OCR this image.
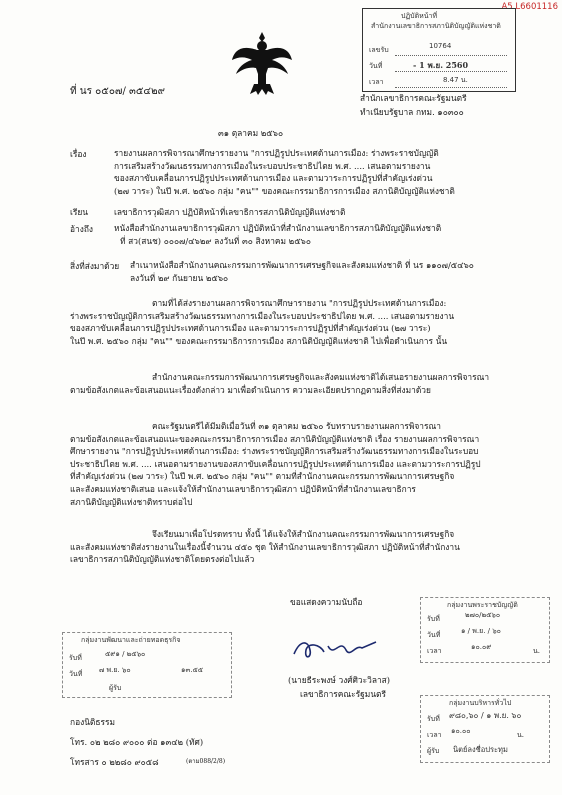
A5 L6601116
ปฏิบัติหน้าที่
สำนักงานเลขาธิการสภานิติบัญญัติแห่งชาติ
เลขรับ	10764
วันที่	- 1 พ.ย. 2560
เวลา	8.47 น.
ที่ นร ๐๕๐๗/ ๓๕๔๒๙
สำนักเลขาธิการคณะรัฐมนตรี
ทำเนียบรัฐบาล กทม. ๑๐๓๐๐
๓๑ ตุลาคม ๒๕๖๐
เรื่อง	รายงานผลการพิจารณาศึกษารายงาน "การปฏิรูปประเทศด้านการเมือง: ร่างพระราชบัญญัติ
การเสริมสร้างวัฒนธรรมทางการเมืองในระบอบประชาธิปไตย พ.ศ. .... เสนอตามรายงาน
ของสภาขับเคลื่อนการปฏิรูปประเทศด้านการเมือง และตามวาระการปฏิรูปที่สำคัญเร่งด่วน
(๒๗ วาระ) ในปี พ.ศ. ๒๕๖๐ กลุ่ม "คน"" ของคณะกรรมาธิการการเมือง สภานิติบัญญัติแห่งชาติ
เรียน	เลขาธิการวุฒิสภา ปฏิบัติหน้าที่เลขาธิการสภานิติบัญญัติแห่งชาติ
อ้างถึง	หนังสือสำนักงานเลขาธิการวุฒิสภา ปฏิบัติหน้าที่สำนักงานเลขาธิการสภานิติบัญญัติแห่งชาติ
ที่ สว(สนช) ๐๐๐๗/๔๖๒๙ ลงวันที่ ๓๐ สิงหาคม ๒๕๖๐
สิ่งที่ส่งมาด้วย สำเนาหนังสือสำนักงานคณะกรรมการพัฒนาการเศรษฐกิจและสังคมแห่งชาติ ที่ นร ๑๑๐๗/๕๔๖๐
ลงวันที่ ๒๙ กันยายน ๒๕๖๐
ตามที่ได้ส่งรายงานผลการพิจารณาศึกษารายงาน "การปฏิรูปประเทศด้านการเมือง:
ร่างพระราชบัญญัติการเสริมสร้างวัฒนธรรมทางการเมืองในระบอบประชาธิปไตย พ.ศ. .... เสนอตามรายงาน
ของสภาขับเคลื่อนการปฏิรูปประเทศด้านการเมือง และตามวาระการปฏิรูปที่สำคัญเร่งด่วน (๒๗ วาระ)
ในปี พ.ศ. ๒๕๖๐ กลุ่ม "คน"" ของคณะกรรมาธิการการเมือง สภานิติบัญญัติแห่งชาติ ไปเพื่อดำเนินการ นั้น
สำนักงานคณะกรรมการพัฒนาการเศรษฐกิจและสังคมแห่งชาติได้เสนอรายงานผลการพิจารณา
ตามข้อสังเกตและข้อเสนอแนะเรื่องดังกล่าว มาเพื่อดำเนินการ ความละเอียดปรากฏตามสิ่งที่ส่งมาด้วย
คณะรัฐมนตรีได้มีมติเมื่อวันที่ ๓๑ ตุลาคม ๒๕๖๐ รับทราบรายงานผลการพิจารณา
ตามข้อสังเกตและข้อเสนอแนะของคณะกรรมาธิการการเมือง สภานิติบัญญัติแห่งชาติ เรื่อง รายงานผลการพิจารณา
ศึกษารายงาน "การปฏิรูปประเทศด้านการเมือง: ร่างพระราชบัญญัติการเสริมสร้างวัฒนธรรมทางการเมืองในระบอบ
ประชาธิปไตย พ.ศ. .... เสนอตามรายงานของสภาขับเคลื่อนการปฏิรูปประเทศด้านการเมือง และตามวาระการปฏิรูป
ที่สำคัญเร่งด่วน (๒๗ วาระ) ในปี พ.ศ. ๒๕๖๐ กลุ่ม "คน"" ตามที่สำนักงานคณะกรรมการพัฒนาการเศรษฐกิจ
และสังคมแห่งชาติเสนอ และแจ้งให้สำนักงานเลขาธิการวุฒิสภา ปฏิบัติหน้าที่สำนักงานเลขาธิการ
สภานิติบัญญัติแห่งชาติทราบต่อไป
จึงเรียนมาเพื่อโปรดทราบ ทั้งนี้ ได้แจ้งให้สำนักงานคณะกรรมการพัฒนาการเศรษฐกิจ
และสังคมแห่งชาติส่งรายงานในเรื่องนี้จำนวน ๔๕๐ ชุด ให้สำนักงานเลขาธิการวุฒิสภา ปฏิบัติหน้าที่สำนักงาน
เลขาธิการสภานิติบัญญัติแห่งชาติโดยตรงต่อไปแล้ว
ขอแสดงความนับถือ
(นายธีระพงษ์ วงศ์ศิวะวิลาส)
เลขาธิการคณะรัฐมนตรี
กลุ่มงานพัฒนาและถ่ายทอดธุรกิจ
รับที่	๕๙๑ / ๒๕๖๐
วันที่ ๗ พ.ย. ๖๐	๑๓.๕๕
ผู้รับ
กลุ่มงานพระราชบัญญัติ
รับที่	๒๗๐/๒๕๖๐
วันที่	๑ / พ.ย. / ๖๐
เวลา	๑๐.๐๙	น.
กลุ่มงานบริหารทั่วไป
รับที่ ๙๘๐,๖๐ / ๑ พ.ย. ๖๐
เวลา ๑๐.๐๐	น.
ผู้รับ นิตย์ลงชื่อประทุม
กองนิติธรรม
โทร. ๐๒ ๒๘๐ ๙๐๐๐ ต่อ ๑๓๔๒ (ทัศ)
โทรสาร ๐ ๒๒๘๐ ๙๐๕๘	(ตาม088/2/8)
